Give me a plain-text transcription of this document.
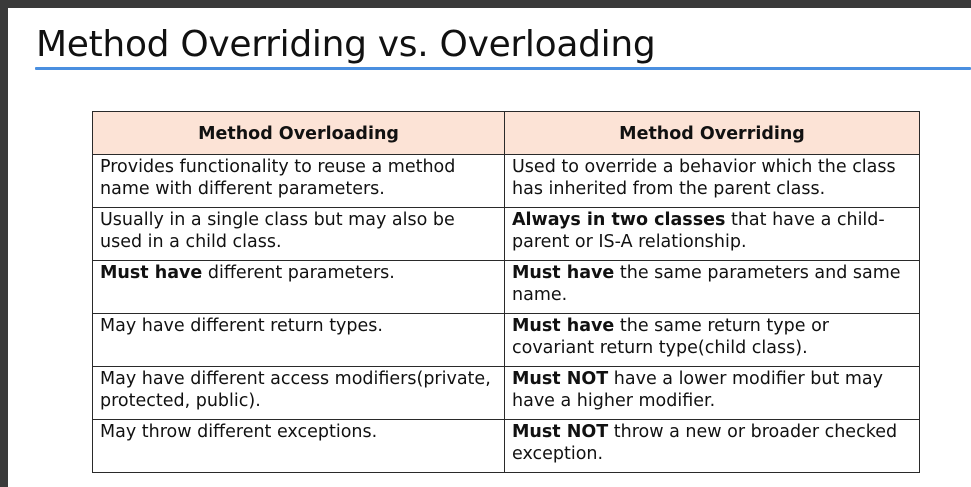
Method Overriding vs. Overloading
Method Overloading	Method Overriding
Provides functionality to reuse a method name with different parameters.	Used to override a behavior which the class has inherited from the parent class.
Usually in a single class but may also be used in a child class.	Always in two classes that have a child-parent or IS-A relationship.
Must have different parameters.	Must have the same parameters and same name.
May have different return types.	Must have the same return type or covariant return type(child class).
May have different access modifiers(private, protected, public).	Must NOT have a lower modifier but may have a higher modifier.
May throw different exceptions.	Must NOT throw a new or broader checked exception.
